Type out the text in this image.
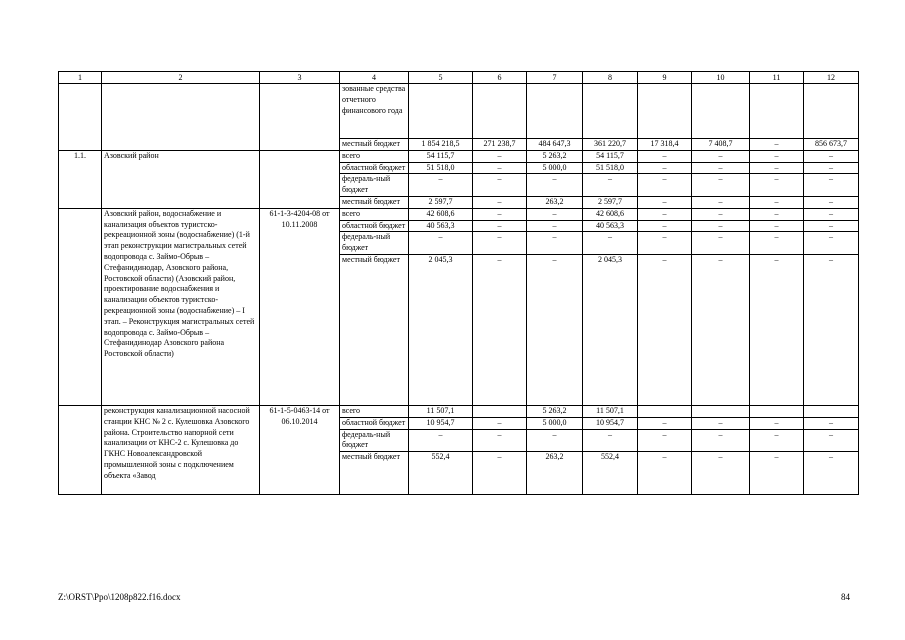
1	2	3	4	5	6	7	8	9	10	11	12
			зованные средства отчетного финансового года								
			местный бюджет	1 854 218,5	271 238,7	484 647,3	361 220,7	17 318,4	7 408,7	–	856 673,7
1.1.	Азовский район		всего	54 115,7	–	5 263,2	54 115,7	–	–	–	–
			областной бюджет	51 518,0	–	5 000,0	51 518,0	–	–	–	–
			федераль-ный бюджет	–	–	–	–	–	–	–	–
			местный бюджет	2 597,7	–	263,2	2 597,7	–	–	–	–
	Азовский район, водоснабжение и канализация объектов туристско-рекреационной зоны (водоснабжение) (1-й этап реконструкции магистральных сетей водопровода с. Займо-Обрыв – Стефанидинодар, Азовского района, Ростовской области) (Азовский район, проектирование водоснабжения и канализации объектов туристско-рекреационной зоны (водоснабжение) – I этап. – Реконструкция магистральных сетей водопровода с. Займо-Обрыв – Стефанидинодар Азовского района Ростовской области)	61-1-3-4204-08 от 10.11.2008	всего	42 608,6	–	–	42 608,6	–	–	–	–
			областной бюджет	40 563,3	–	–	40 563,3	–	–	–	–
			федераль-ный бюджет	–	–	–	–	–	–	–	–
			местный бюджет	2 045,3	–	–	2 045,3	–	–	–	–
	реконструкция канализационной насосной станции КНС № 2 с. Кулешовка Азовского района. Строительство напорной сети канализации от КНС-2 с. Кулешовка до ГКНС Новоалександровской промышленной зоны с подключением объекта «Завод	61-1-5-0463-14 от 06.10.2014	всего	11 507,1		5 263,2	11 507,1				
			областной бюджет	10 954,7	–	5 000,0	10 954,7	–	–	–	–
			федераль-ный бюджет	–	–	–	–	–	–	–	–
			местный бюджет	552,4	–	263,2	552,4	–	–	–	–
Z:\ORST\Ppo\1208p822.f16.docx	84
